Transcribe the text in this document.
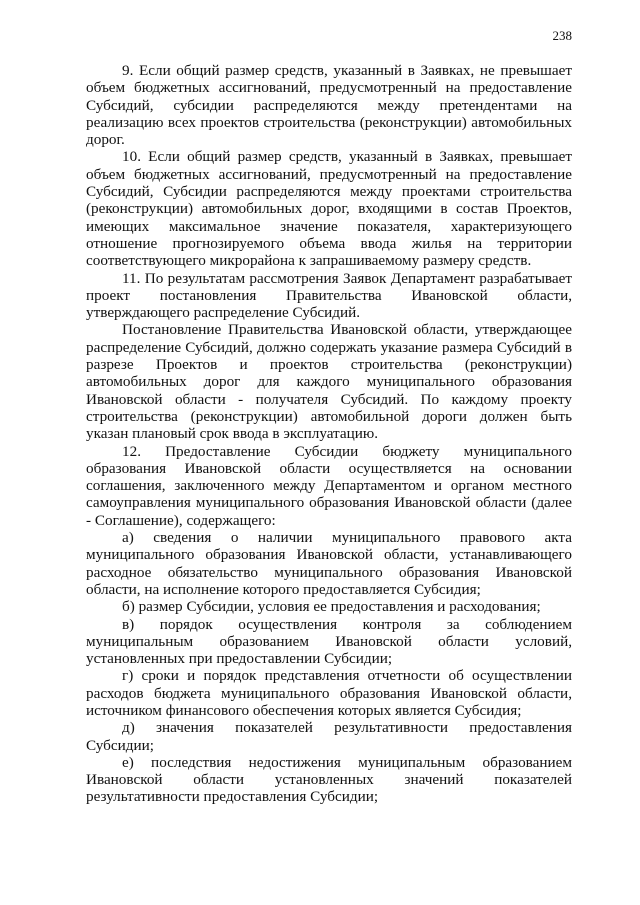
238

9. Если общий размер средств, указанный в Заявках, не превышает объем бюджетных ассигнований, предусмотренный на предоставление Субсидий, субсидии распределяются между претендентами на реализацию всех проектов строительства (реконструкции) автомобильных дорог.

10. Если общий размер средств, указанный в Заявках, превышает объем бюджетных ассигнований, предусмотренный на предоставление Субсидий, Субсидии распределяются между проектами строительства (реконструкции) автомобильных дорог, входящими в состав Проектов, имеющих максимальное значение показателя, характеризующего отношение прогнозируемого объема ввода жилья на территории соответствующего микрорайона к запрашиваемому размеру средств.

11. По результатам рассмотрения Заявок Департамент разрабатывает проект постановления Правительства Ивановской области, утверждающего распределение Субсидий.

Постановление Правительства Ивановской области, утверждающее распределение Субсидий, должно содержать указание размера Субсидий в разрезе Проектов и проектов строительства (реконструкции) автомобильных дорог для каждого муниципального образования Ивановской области - получателя Субсидий. По каждому проекту строительства (реконструкции) автомобильной дороги должен быть указан плановый срок ввода в эксплуатацию.

12. Предоставление Субсидии бюджету муниципального образования Ивановской области осуществляется на основании соглашения, заключенного между Департаментом и органом местного самоуправления муниципального образования Ивановской области (далее - Соглашение), содержащего:

а) сведения о наличии муниципального правового акта муниципального образования Ивановской области, устанавливающего расходное обязательство муниципального образования Ивановской области, на исполнение которого предоставляется Субсидия;

б) размер Субсидии, условия ее предоставления и расходования;

в) порядок осуществления контроля за соблюдением муниципальным образованием Ивановской области условий, установленных при предоставлении Субсидии;

г) сроки и порядок представления отчетности об осуществлении расходов бюджета муниципального образования Ивановской области, источником финансового обеспечения которых является Субсидия;

д) значения показателей результативности предоставления Субсидии;

е) последствия недостижения муниципальным образованием Ивановской области установленных значений показателей результативности предоставления Субсидии;
